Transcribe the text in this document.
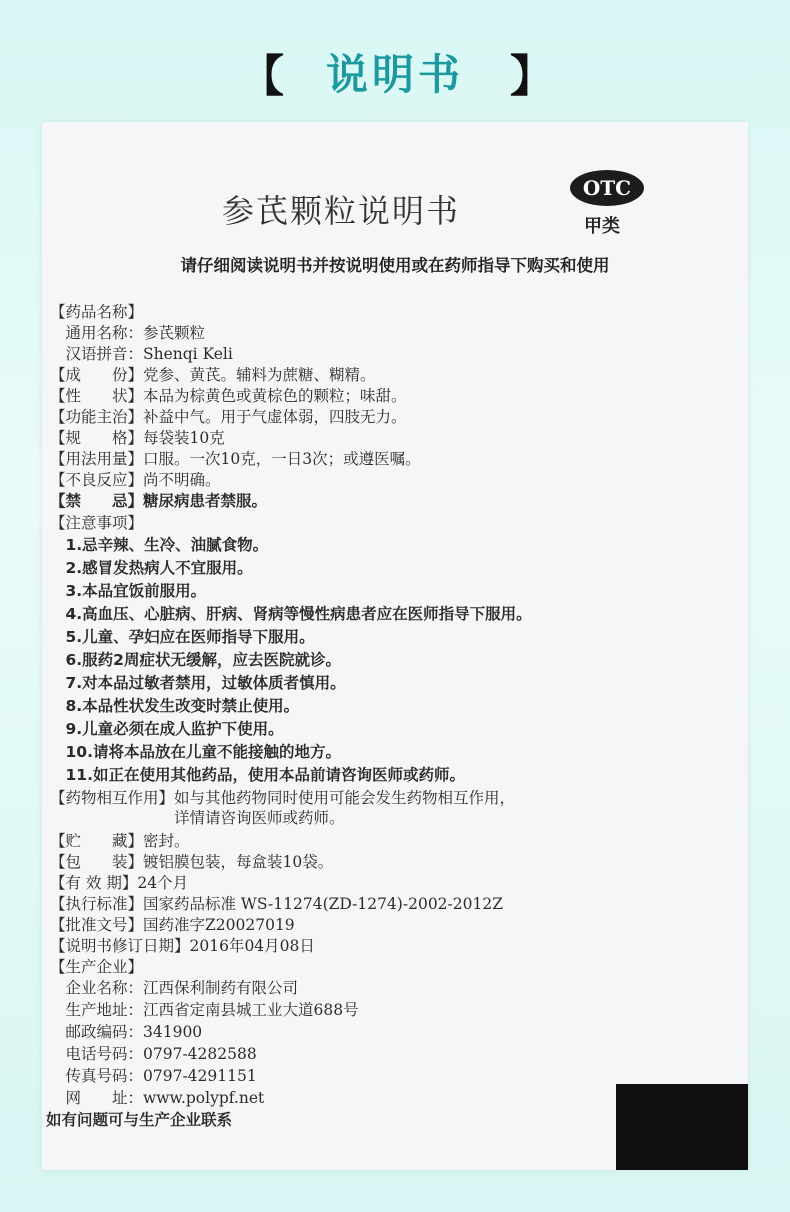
【 说明书	】
参芪颗粒说明书
OTC
甲类
请仔细阅读说明书并按说明使用或在药师指导下购买和使用
【药品名称】
　通用名称：参芪颗粒
　汉语拼音：Shenqi Keli
【成　　份】党参、黄芪。辅料为蔗糖、糊精。
【性　　状】本品为棕黄色或黄棕色的颗粒；味甜。
【功能主治】补益中气。用于气虚体弱，四肢无力。
【规　　格】每袋装10克
【用法用量】口服。一次10克，一日3次；或遵医嘱。
【不良反应】尚不明确。
【禁　　忌】糖尿病患者禁服。
【注意事项】
　1.忌辛辣、生冷、油腻食物。
　2.感冒发热病人不宜服用。
　3.本品宜饭前服用。
　4.高血压、心脏病、肝病、肾病等慢性病患者应在医师指导下服用。
　5.儿童、孕妇应在医师指导下服用。
　6.服药2周症状无缓解，应去医院就诊。
　7.对本品过敏者禁用，过敏体质者慎用。
　8.本品性状发生改变时禁止使用。
　9.儿童必须在成人监护下使用。
　10.请将本品放在儿童不能接触的地方。
　11.如正在使用其他药品，使用本品前请咨询医师或药师。
【药物相互作用】如与其他药物同时使用可能会发生药物相互作用，
　　　　　　　　详情请咨询医师或药师。
【贮　　藏】密封。
【包　　装】镀铝膜包装，每盒装10袋。
【有 效 期】24个月
【执行标准】国家药品标准 WS-11274(ZD-1274)-2002-2012Z
【批准文号】国药准字Z20027019
【说明书修订日期】2016年04月08日
【生产企业】
　企业名称：江西保利制药有限公司
　生产地址：江西省定南县城工业大道688号
　邮政编码：341900
　电话号码：0797-4282588
　传真号码：0797-4291151
　网　　址：www.polypf.net
如有问题可与生产企业联系
